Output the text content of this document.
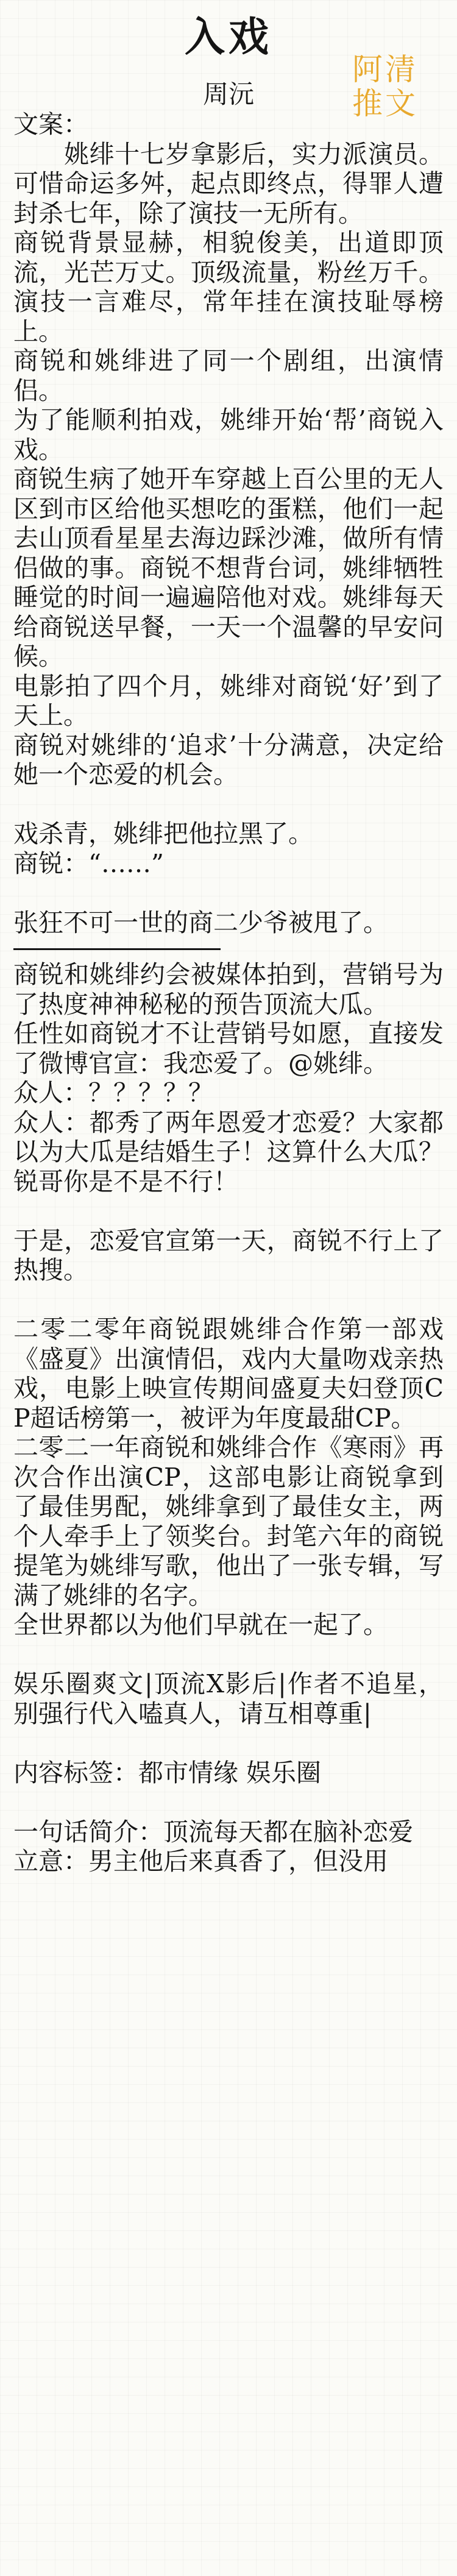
入戏
周沅
阿清
推文

文案：

　　姚绯十七岁拿影后，实力派演员。可惜命运多舛，起点即终点，得罪人遭封杀七年，除了演技一无所有。

商锐背景显赫，相貌俊美，出道即顶流，光芒万丈。顶级流量，粉丝万千。演技一言难尽，常年挂在演技耻辱榜上。

商锐和姚绯进了同一个剧组，出演情侣。

为了能顺利拍戏，姚绯开始‘帮’商锐入戏。

商锐生病了她开车穿越上百公里的无人区到市区给他买想吃的蛋糕，他们一起去山顶看星星去海边踩沙滩，做所有情侣做的事。商锐不想背台词，姚绯牺牲睡觉的时间一遍遍陪他对戏。姚绯每天给商锐送早餐，一天一个温馨的早安问候。

电影拍了四个月，姚绯对商锐‘好’到了天上。

商锐对姚绯的‘追求’十分满意，决定给她一个恋爱的机会。

戏杀青，姚绯把他拉黑了。

商锐：“……”

张狂不可一世的商二少爷被甩了。

商锐和姚绯约会被媒体拍到，营销号为了热度神神秘秘的预告顶流大瓜。

任性如商锐才不让营销号如愿，直接发了微博官宣：我恋爱了。@姚绯。

众人：？？？？？

众人：都秀了两年恩爱才恋爱？大家都以为大瓜是结婚生子！这算什么大瓜？锐哥你是不是不行！

于是，恋爱官宣第一天，商锐不行上了热搜。

二零二零年商锐跟姚绯合作第一部戏《盛夏》出演情侣，戏内大量吻戏亲热戏，电影上映宣传期间盛夏夫妇登顶CP超话榜第一，被评为年度最甜CP。

二零二一年商锐和姚绯合作《寒雨》再次合作出演CP，这部电影让商锐拿到了最佳男配，姚绯拿到了最佳女主，两个人牵手上了领奖台。封笔六年的商锐提笔为姚绯写歌，他出了一张专辑，写满了姚绯的名字。

全世界都以为他们早就在一起了。

娱乐圈爽文|顶流X影后|作者不追星，别强行代入嗑真人，请互相尊重|

内容标签：都市情缘 娱乐圈

一句话简介：顶流每天都在脑补恋爱

立意：男主他后来真香了，但没用
